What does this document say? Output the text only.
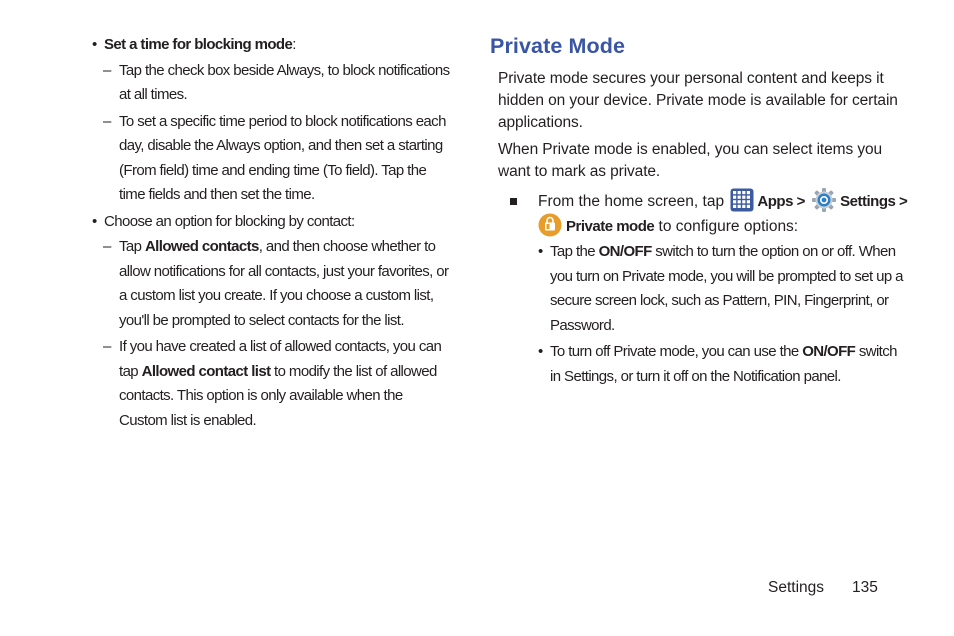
• Set a time for blocking mode:
– Tap the check box beside Always, to block notifications at all times.
– To set a specific time period to block notifications each day, disable the Always option, and then set a starting (From field) time and ending time (To field). Tap the time fields and then set the time.
• Choose an option for blocking by contact:
– Tap Allowed contacts, and then choose whether to allow notifications for all contacts, just your favorites, or a custom list you create. If you choose a custom list, you'll be prompted to select contacts for the list.
– If you have created a list of allowed contacts, you can tap Allowed contact list to modify the list of allowed contacts. This option is only available when the Custom list is enabled.
Private Mode

Private mode secures your personal content and keeps it hidden on your device. Private mode is available for certain applications.

When Private mode is enabled, you can select items you want to mark as private.

From the home screen, tap Apps > Settings >
Private mode to configure options:
• Tap the ON/OFF switch to turn the option on or off. When you turn on Private mode, you will be prompted to set up a secure screen lock, such as Pattern, PIN, Fingerprint, or Password.
• To turn off Private mode, you can use the ON/OFF switch in Settings, or turn it off on the Notification panel.
Settings 135
